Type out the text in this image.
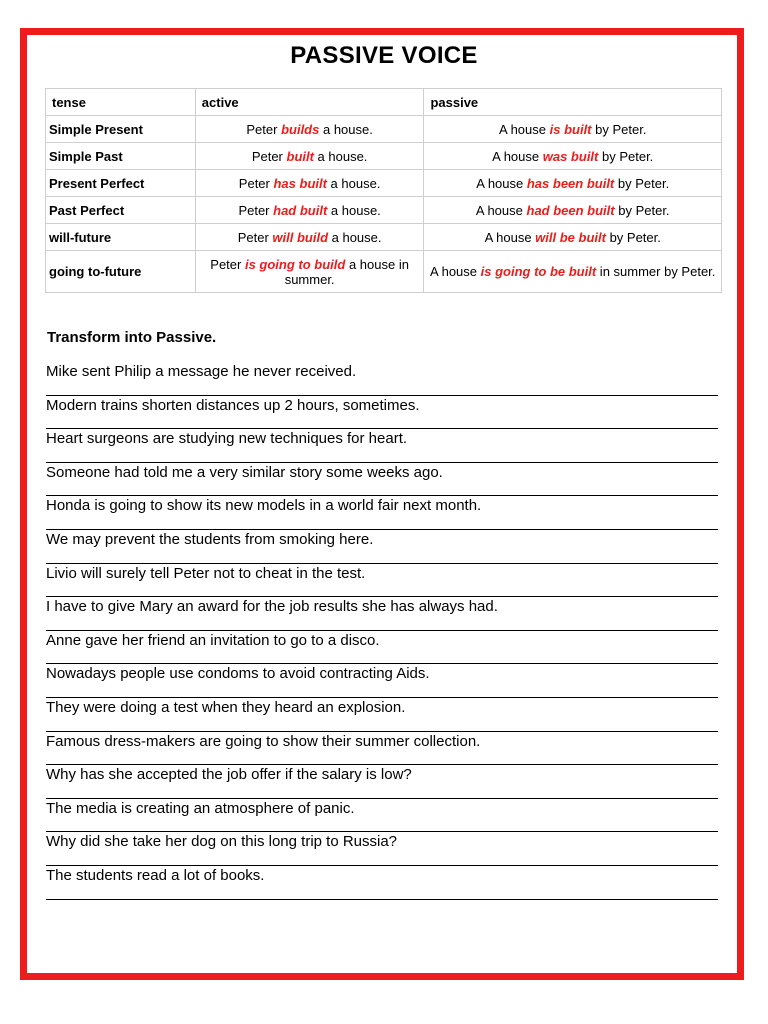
PASSIVE VOICE
tense	active	passive
Simple Present	Peter builds a house.	A house is built by Peter.
Simple Past	Peter built a house.	A house was built by Peter.
Present Perfect	Peter has built a house.	A house has been built by Peter.
Past Perfect	Peter had built a house.	A house had been built by Peter.
will-future	Peter will build a house.	A house will be built by Peter.
going to-future	Peter is going to build a house in summer.	A house is going to be built in summer by Peter.
Transform into Passive.
Mike sent Philip a message he never received.
Modern trains shorten distances up 2 hours, sometimes.
Heart surgeons are studying new techniques for heart.
Someone had told me a very similar story some weeks ago.
Honda is going to show its new models in a world fair next month.
We may prevent the students from smoking here.
Livio will surely tell Peter not to cheat in the test.
I have to give Mary an award for the job results she has always had.
Anne gave her friend an invitation to go to a disco.
Nowadays people use condoms to avoid contracting Aids.
They were doing a test when they heard an explosion.
Famous dress-makers are going to show their summer collection.
Why has she accepted the job offer if the salary is low?
The media is creating an atmosphere of panic.
Why did she take her dog on this long trip to Russia?
The students read a lot of books.
